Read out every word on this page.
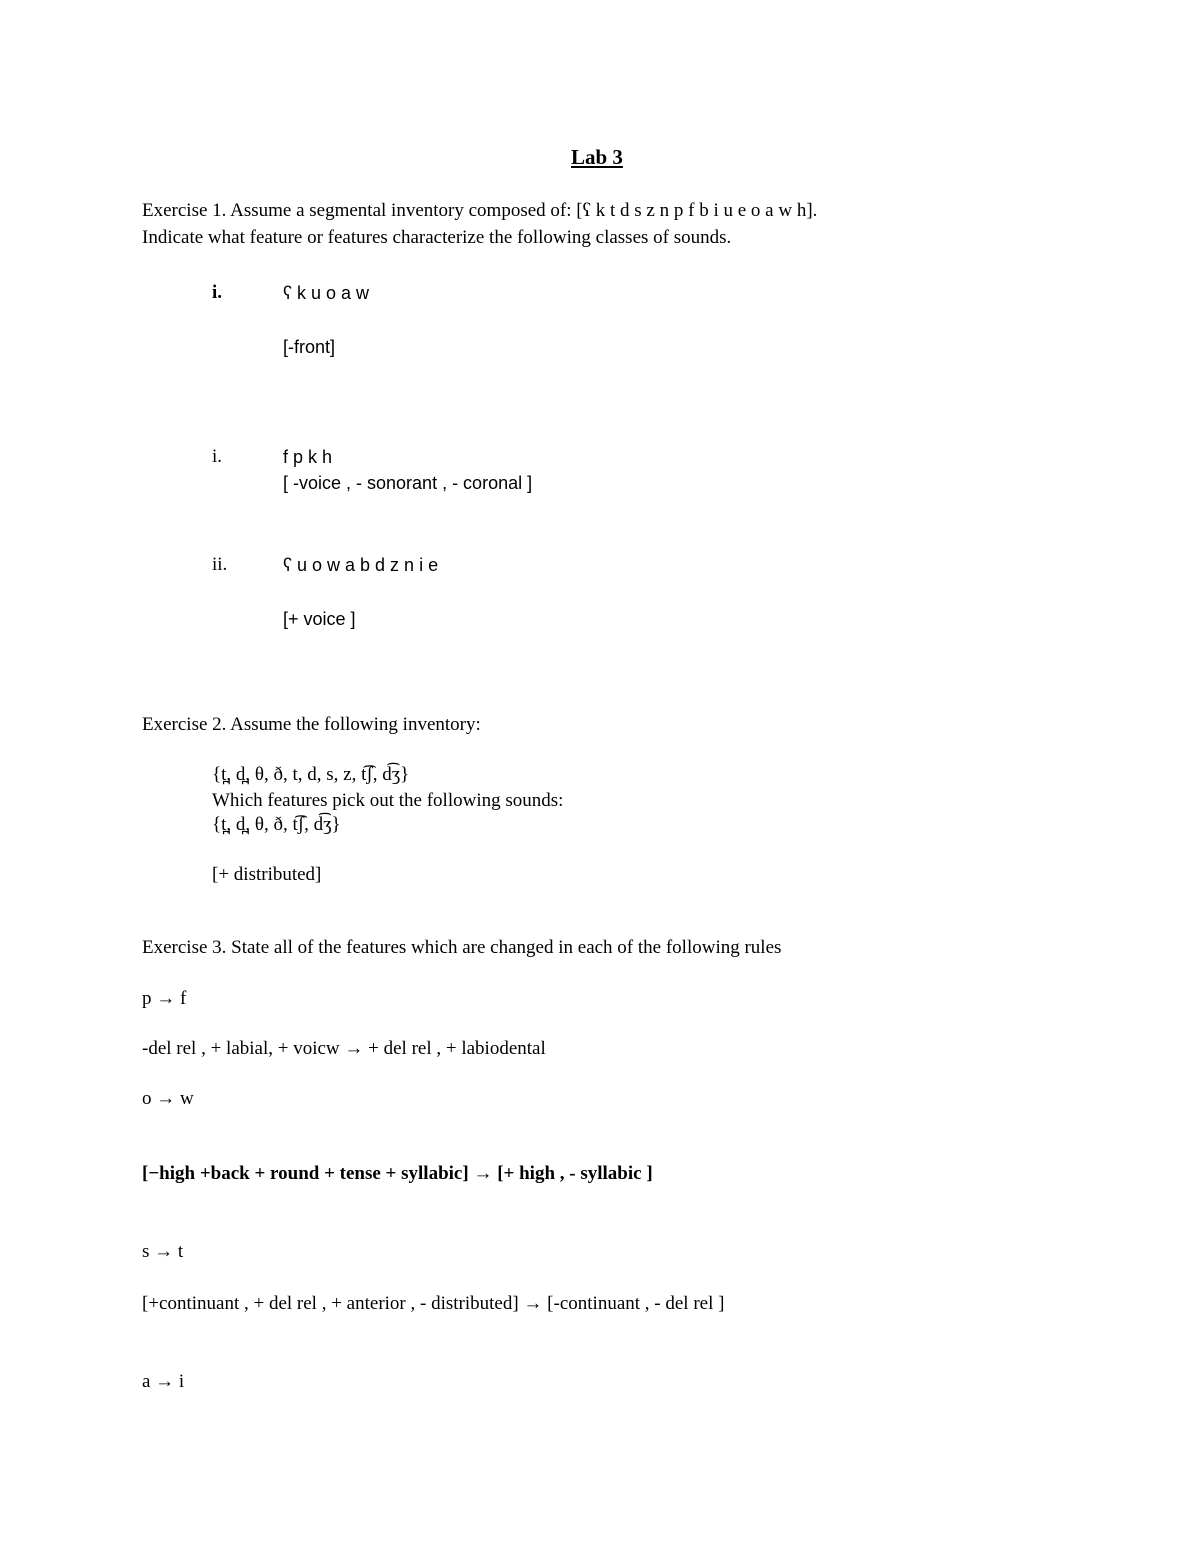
Lab 3
Exercise 1. Assume a segmental inventory composed of: [ʕ k t d s z n p f b i u e o a w h].
Indicate what feature or features characterize the following classes of sounds.
i.	ʕ k u o a w
[-front]
i.	f p k h
[ -voice , - sonorant , - coronal ]
ii.	ʕ u o w a b d z n i e
[+ voice ]
Exercise 2. Assume the following inventory:
{t̪, d̪, θ, ð, t, d, s, z, t͡ʃ, d͡ʒ}
Which features pick out the following sounds:
{t̪, d̪, θ, ð, t͡ʃ, d͡ʒ}
[+ distributed]
Exercise 3. State all of the features which are changed in each of the following rules
p → f
-del rel , + labial, + voicw → + del rel , + labiodental
o → w
[−high +back + round + tense + syllabic] → [+ high , - syllabic ]
s → t
[+continuant , + del rel , + anterior , - distributed] → [-continuant , - del rel ]
a → i
